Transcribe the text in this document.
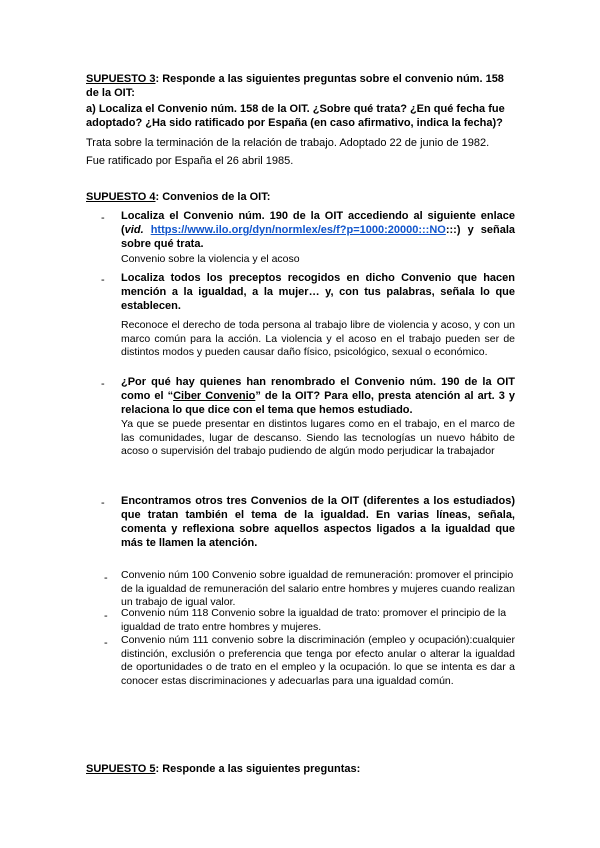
SUPUESTO 3: Responde a las siguientes preguntas sobre el convenio núm. 158 de la OIT:
a) Localiza el Convenio núm. 158 de la OIT. ¿Sobre qué trata? ¿En qué fecha fue adoptado? ¿Ha sido ratificado por España (en caso afirmativo, indica la fecha)?
Trata sobre la terminación de la relación de trabajo. Adoptado 22 de junio de 1982.
Fue ratificado por España el 26 abril 1985.
SUPUESTO 4: Convenios de la OIT:
- Localiza el Convenio núm. 190 de la OIT accediendo al siguiente enlace (vid. https://www.ilo.org/dyn/normlex/es/f?p=1000:20000:::NO:::) y señala sobre qué trata.
Convenio sobre la violencia y el acoso
- Localiza todos los preceptos recogidos en dicho Convenio que hacen mención a la igualdad, a la mujer… y, con tus palabras, señala lo que establecen.
Reconoce el derecho de toda persona al trabajo libre de violencia y acoso, y con un marco común para la acción. La violencia y el acoso en el trabajo pueden ser de distintos modos y pueden causar daño físico, psicológico, sexual o económico.
- ¿Por qué hay quienes han renombrado el Convenio núm. 190 de la OIT como el “Ciber Convenio” de la OIT? Para ello, presta atención al art. 3 y relaciona lo que dice con el tema que hemos estudiado.
Ya que se puede presentar en distintos lugares como en el trabajo, en el marco de las comunidades, lugar de descanso. Siendo las tecnologías un nuevo hábito de acoso o supervisión del trabajo pudiendo de algún modo perjudicar la trabajador
- Encontramos otros tres Convenios de la OIT (diferentes a los estudiados) que tratan también el tema de la igualdad. En varias líneas, señala, comenta y reflexiona sobre aquellos aspectos ligados a la igualdad que más te llamen la atención.
- Convenio núm 100 Convenio sobre igualdad de remuneración: promover el principio de la igualdad de remuneración del salario entre hombres y mujeres cuando realizan un trabajo de igual valor.
- Convenio núm 118 Convenio sobre la igualdad de trato: promover el principio de la igualdad de trato entre hombres y mujeres.
- Convenio núm 111 convenio sobre la discriminación (empleo y ocupación):cualquier distinción, exclusión o preferencia que tenga por efecto anular o alterar la igualdad de oportunidades o de trato en el empleo y la ocupación. lo que se intenta es dar a conocer estas discriminaciones y adecuarlas para una igualdad común.
SUPUESTO 5: Responde a las siguientes preguntas:
